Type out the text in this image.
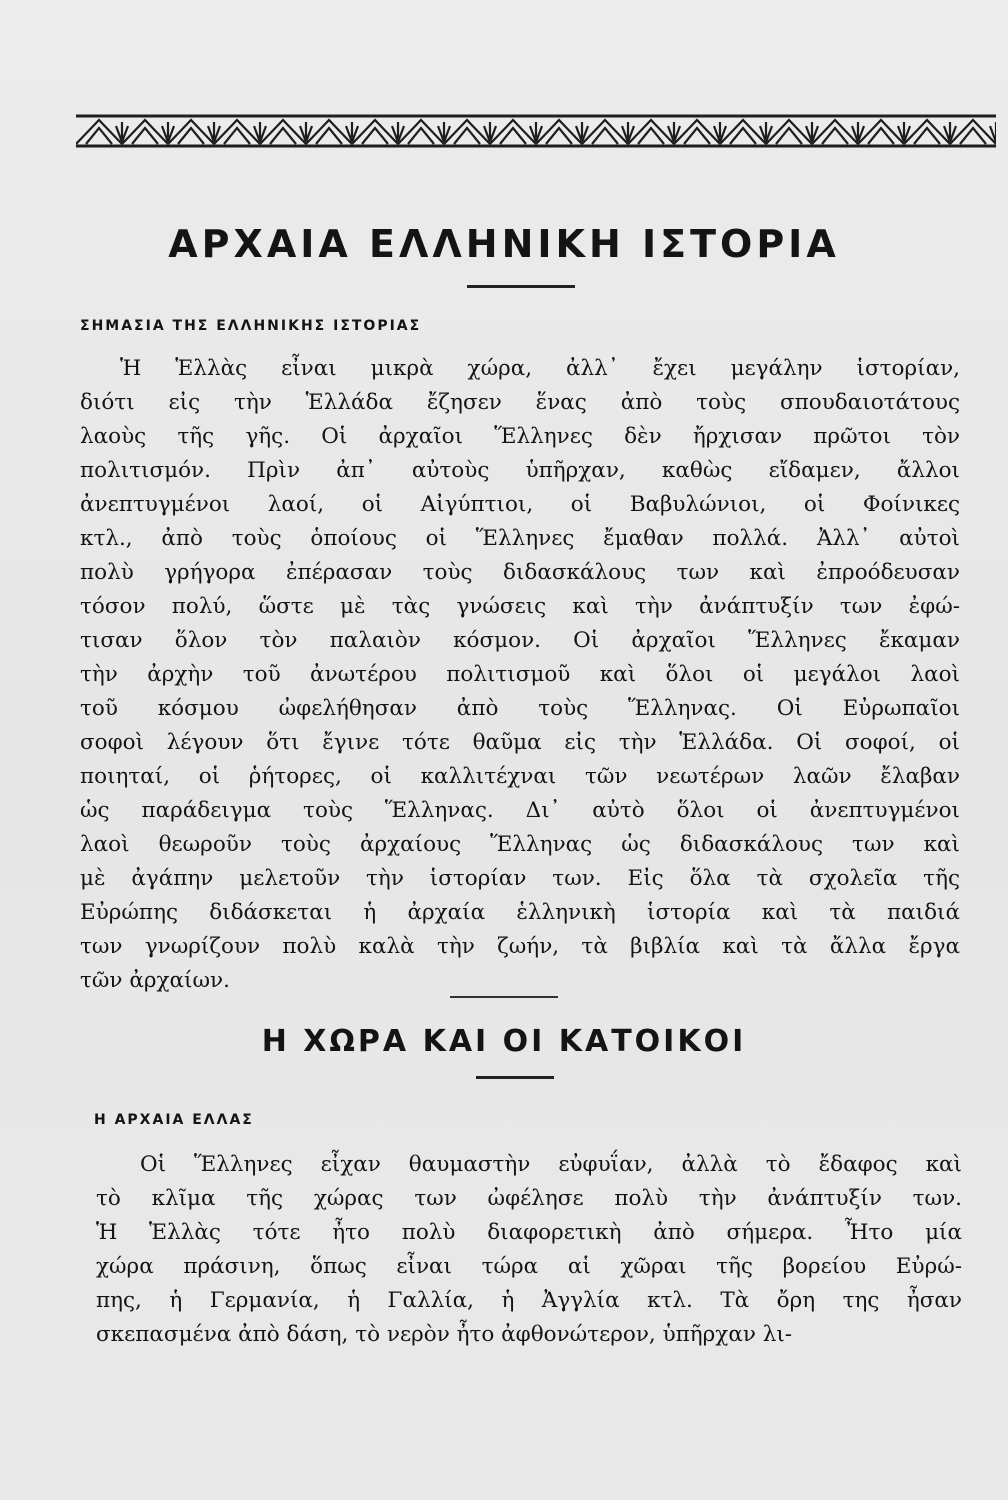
ΑΡΧΑΙΑ ΕΛΛΗΝΙΚΗ ΙΣΤΟΡΙΑ
ΣΗΜΑΣΙΑ ΤΗΣ ΕΛΛΗΝΙΚΗΣ ΙΣΤΟΡΙΑΣ
Ἡ Ἑλλὰς εἶναι μικρὰ χώρα, ἀλλ᾽ ἔχει μεγάλην ἱστορίαν,
διότι εἰς τὴν Ἑλλάδα ἔζησεν ἕνας ἀπὸ τοὺς σπουδαιοτάτους
λαοὺς τῆς γῆς. Οἱ ἀρχαῖοι Ἕλληνες δὲν ἤρχισαν πρῶτοι τὸν
πολιτισμόν. Πρὶν ἀπ᾽ αὐτοὺς ὑπῆρχαν, καθὼς εἴδαμεν, ἄλλοι
ἀνεπτυγμένοι λαοί, οἱ Αἰγύπτιοι, οἱ Βαβυλώνιοι, οἱ Φοίνικες
κτλ., ἀπὸ τοὺς ὁποίους οἱ Ἕλληνες ἔμαθαν πολλά. Ἀλλ᾽ αὐτοὶ
πολὺ γρήγορα ἐπέρασαν τοὺς διδασκάλους των καὶ ἐπροόδευσαν
τόσον πολύ, ὥστε μὲ τὰς γνώσεις καὶ τὴν ἀνάπτυξίν των ἐφώ-
τισαν ὅλον τὸν παλαιὸν κόσμον. Οἱ ἀρχαῖοι Ἕλληνες ἔκαμαν
τὴν ἀρχὴν τοῦ ἀνωτέρου πολιτισμοῦ καὶ ὅλοι οἱ μεγάλοι λαοὶ
τοῦ κόσμου ὠφελήθησαν ἀπὸ τοὺς Ἕλληνας. Οἱ Εὐρωπαῖοι
σοφοὶ λέγουν ὅτι ἔγινε τότε θαῦμα εἰς τὴν Ἑλλάδα. Οἱ σοφοί, οἱ
ποιηταί, οἱ ῥήτορες, οἱ καλλιτέχναι τῶν νεωτέρων λαῶν ἔλαβαν
ὡς παράδειγμα τοὺς Ἕλληνας. Δι᾽ αὐτὸ ὅλοι οἱ ἀνεπτυγμένοι
λαοὶ θεωροῦν τοὺς ἀρχαίους Ἕλληνας ὡς διδασκάλους των καὶ
μὲ ἀγάπην μελετοῦν τὴν ἱστορίαν των. Εἰς ὅλα τὰ σχολεῖα τῆς
Εὐρώπης διδάσκεται ἡ ἀρχαία ἑλληνικὴ ἱστορία καὶ τὰ παιδιά
των γνωρίζουν πολὺ καλὰ τὴν ζωήν, τὰ βιβλία καὶ τὰ ἄλλα ἔργα
τῶν ἀρχαίων.
Η ΧΩΡΑ ΚΑΙ ΟΙ ΚΑΤΟΙΚΟΙ
Η ΑΡΧΑΙΑ ΕΛΛΑΣ
Οἱ Ἕλληνες εἶχαν θαυμαστὴν εὐφυΐαν, ἀλλὰ τὸ ἔδαφος καὶ
τὸ κλῖμα τῆς χώρας των ὠφέλησε πολὺ τὴν ἀνάπτυξίν των.
Ἡ Ἑλλὰς τότε ἦτο πολὺ διαφορετικὴ ἀπὸ σήμερα. Ἦτο μία
χώρα πράσινη, ὅπως εἶναι τώρα αἱ χῶραι τῆς βορείου Εὐρώ-
πης, ἡ Γερμανία, ἡ Γαλλία, ἡ Ἀγγλία κτλ. Τὰ ὄρη της ἦσαν
σκεπασμένα ἀπὸ δάση, τὸ νερὸν ἦτο ἀφθονώτερον, ὑπῆρχαν λι-
